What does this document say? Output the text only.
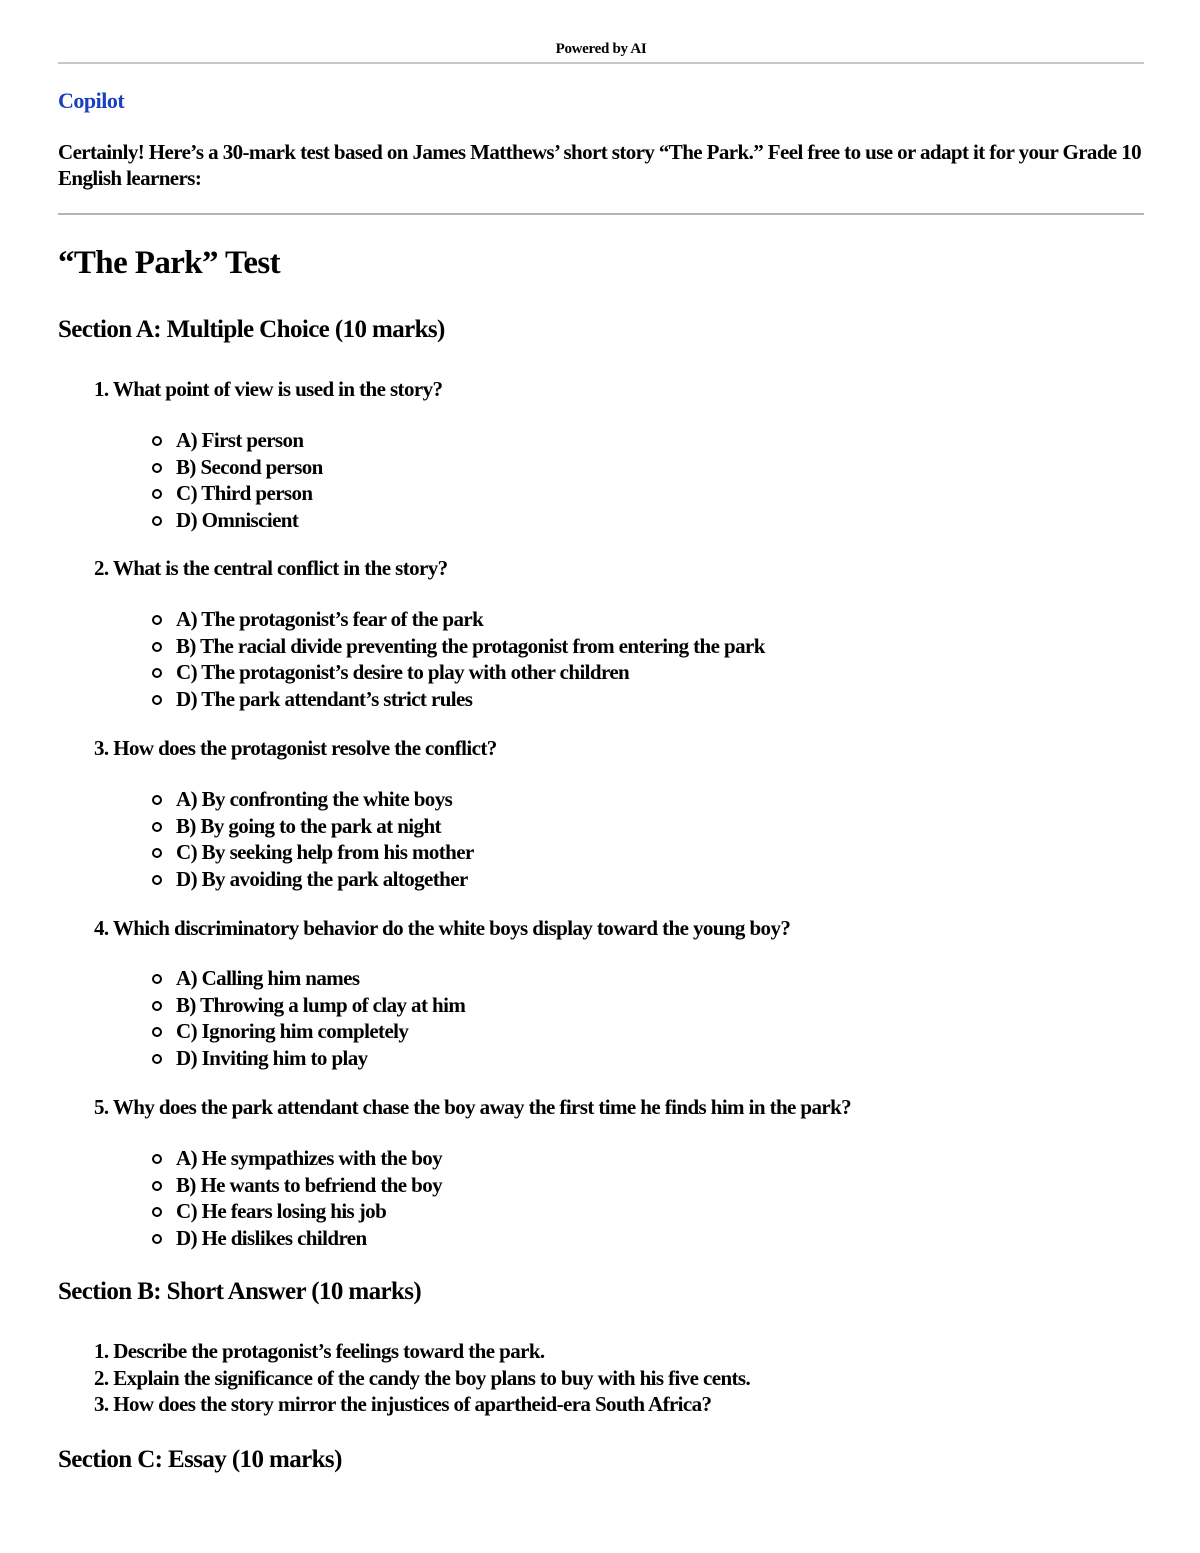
Powered by AI
Copilot
Certainly! Here’s a 30-mark test based on James Matthews’ short story “The Park.” Feel free to use or adapt it for your Grade 10 English learners:
“The Park” Test
Section A: Multiple Choice (10 marks)
1. What point of view is used in the story?
A) First person
B) Second person
C) Third person
D) Omniscient
2. What is the central conflict in the story?
A) The protagonist’s fear of the park
B) The racial divide preventing the protagonist from entering the park
C) The protagonist’s desire to play with other children
D) The park attendant’s strict rules
3. How does the protagonist resolve the conflict?
A) By confronting the white boys
B) By going to the park at night
C) By seeking help from his mother
D) By avoiding the park altogether
4. Which discriminatory behavior do the white boys display toward the young boy?
A) Calling him names
B) Throwing a lump of clay at him
C) Ignoring him completely
D) Inviting him to play
5. Why does the park attendant chase the boy away the first time he finds him in the park?
A) He sympathizes with the boy
B) He wants to befriend the boy
C) He fears losing his job
D) He dislikes children
Section B: Short Answer (10 marks)
1. Describe the protagonist’s feelings toward the park.
2. Explain the significance of the candy the boy plans to buy with his five cents.
3. How does the story mirror the injustices of apartheid-era South Africa?
Section C: Essay (10 marks)
